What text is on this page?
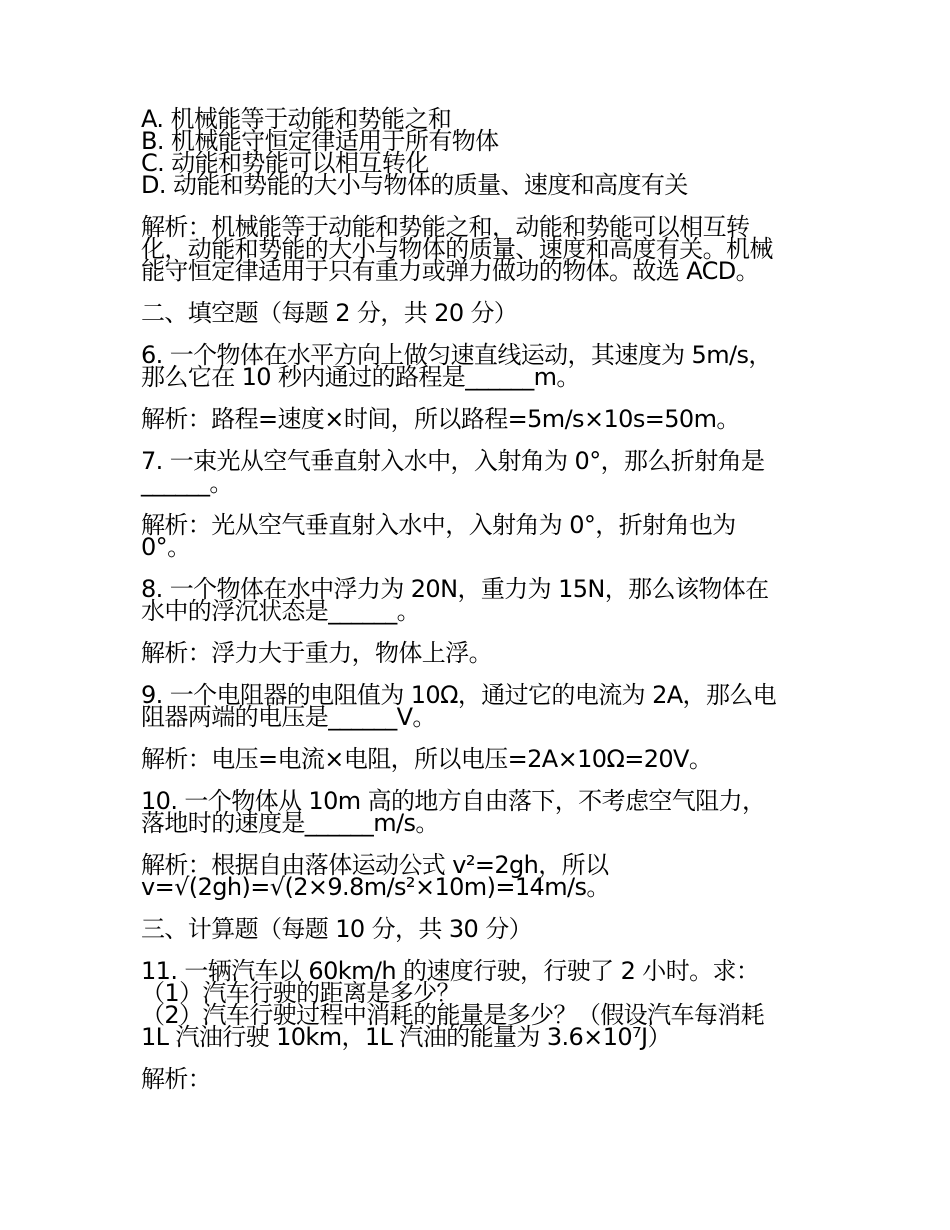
A. 机械能等于动能和势能之和
B. 机械能守恒定律适用于所有物体
C. 动能和势能可以相互转化
D. 动能和势能的大小与物体的质量、速度和高度有关

解析：机械能等于动能和势能之和，动能和势能可以相互转
化，动能和势能的大小与物体的质量、速度和高度有关。机械
能守恒定律适用于只有重力或弹力做功的物体。故选 ACD。

二、填空题（每题 2 分，共 20 分）

6. 一个物体在水平方向上做匀速直线运动，其速度为 5m/s，
那么它在 10 秒内通过的路程是______m。

解析：路程=速度×时间，所以路程=5m/s×10s=50m。

7. 一束光从空气垂直射入水中，入射角为 0°，那么折射角是
______。

解析：光从空气垂直射入水中，入射角为 0°，折射角也为
0°。

8. 一个物体在水中浮力为 20N，重力为 15N，那么该物体在
水中的浮沉状态是______。

解析：浮力大于重力，物体上浮。

9. 一个电阻器的电阻值为 10Ω，通过它的电流为 2A，那么电
阻器两端的电压是______V。

解析：电压=电流×电阻，所以电压=2A×10Ω=20V。

10. 一个物体从 10m 高的地方自由落下，不考虑空气阻力，
落地时的速度是______m/s。

解析：根据自由落体运动公式 v²=2gh，所以
v=√(2gh)=√(2×9.8m/s²×10m)=14m/s。

三、计算题（每题 10 分，共 30 分）

11. 一辆汽车以 60km/h 的速度行驶，行驶了 2 小时。求：
（1）汽车行驶的距离是多少？
（2）汽车行驶过程中消耗的能量是多少？（假设汽车每消耗
1L 汽油行驶 10km，1L 汽油的能量为 3.6×10⁷J）

解析：
